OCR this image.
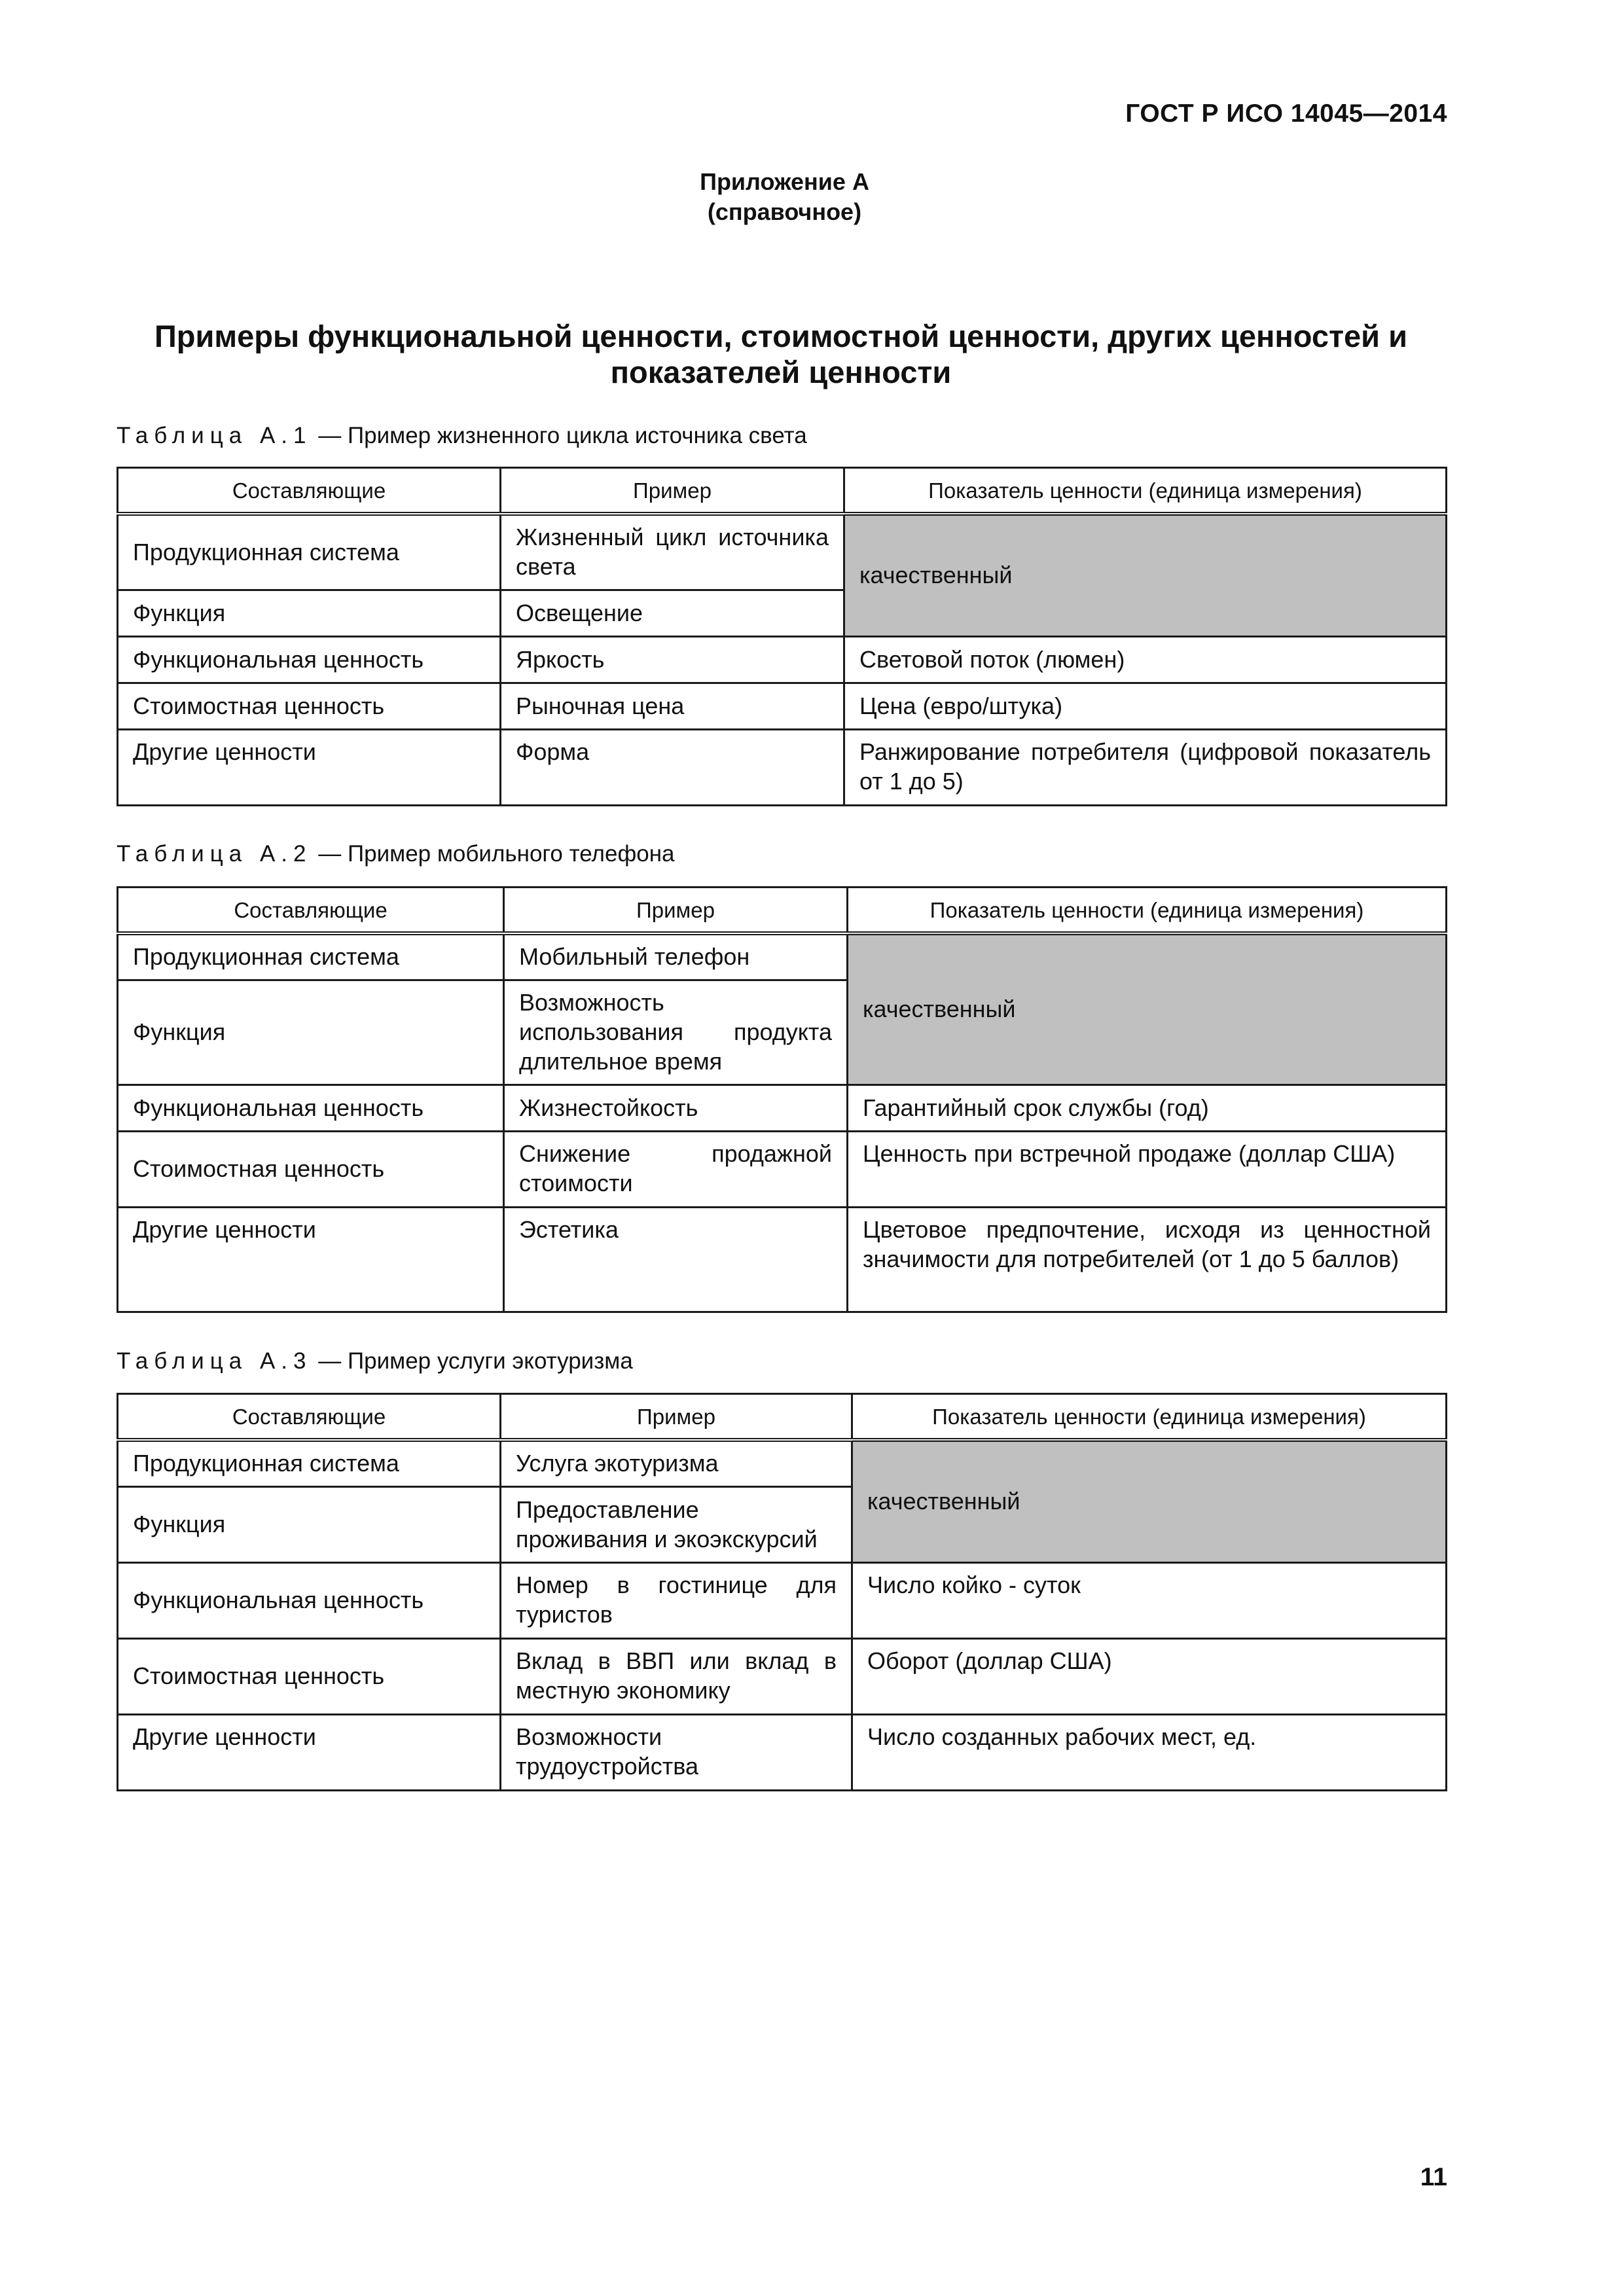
ГОСТ Р ИСО 14045—2014
Приложение А
(справочное)
Примеры функциональной ценности, стоимостной ценности, других ценностей и показателей ценности
Таблица А.1 — Пример жизненного цикла источника света
Составляющие	Пример	Показатель ценности (единица измерения)
Продукционная система	Жизненный цикл источника света	качественный
Функция	Освещение	
Функциональная ценность	Яркость	Световой поток (люмен)
Стоимостная ценность	Рыночная цена	Цена (евро/штука)
Другие ценности	Форма	Ранжирование потребителя (цифровой показатель от 1 до 5)
Таблица А.2 — Пример мобильного телефона
Составляющие	Пример	Показатель ценности (единица измерения)
Продукционная система	Мобильный телефон	качественный
Функция	Возможность использования продукта длительное время	
Функциональная ценность	Жизнестойкость	Гарантийный срок службы (год)
Стоимостная ценность	Снижение продажной стоимости	Ценность при встречной продаже (доллар США)
Другие ценности	Эстетика	Цветовое предпочтение, исходя из ценностной значимости для потребителей (от 1 до 5 баллов)
Таблица А.3 — Пример услуги экотуризма
Составляющие	Пример	Показатель ценности (единица измерения)
Продукционная система	Услуга экотуризма	качественный
Функция	Предоставление проживания и экоэкскурсий	
Функциональная ценность	Номер в гостинице для туристов	Число койко - суток
Стоимостная ценность	Вклад в ВВП или вклад в местную экономику	Оборот (доллар США)
Другие ценности	Возможности трудоустройства	Число созданных рабочих мест, ед.
11
